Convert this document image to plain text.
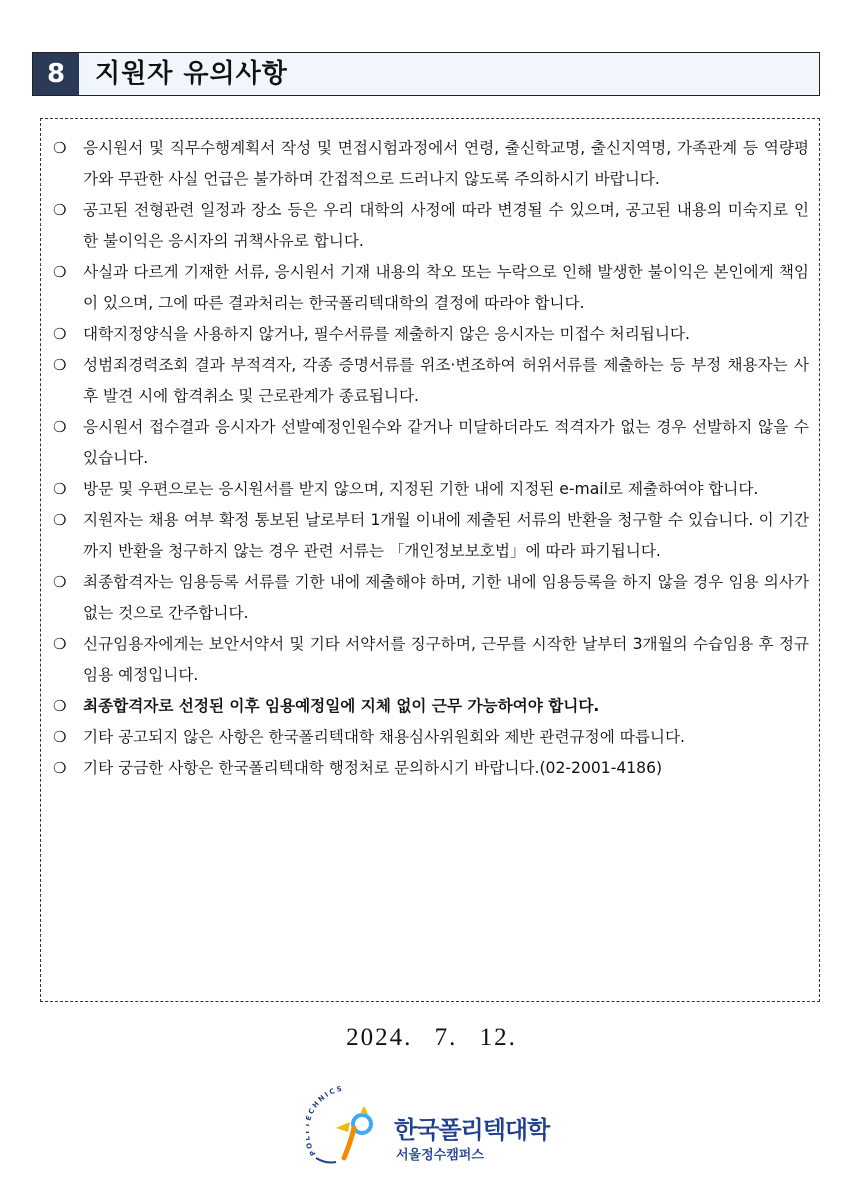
8	지원자 유의사항
❍ 응시원서 및 직무수행계획서 작성 및 면접시험과정에서 연령, 출신학교명, 출신지역명, 가족관계 등 역량평가와 무관한 사실 언급은 불가하며 간접적으로 드러나지 않도록 주의하시기 바랍니다.
❍ 공고된 전형관련 일정과 장소 등은 우리 대학의 사정에 따라 변경될 수 있으며, 공고된 내용의 미숙지로 인한 불이익은 응시자의 귀책사유로 합니다.
❍ 사실과 다르게 기재한 서류, 응시원서 기재 내용의 착오 또는 누락으로 인해 발생한 불이익은 본인에게 책임이 있으며, 그에 따른 결과처리는 한국폴리텍대학의 결정에 따라야 합니다.
❍ 대학지정양식을 사용하지 않거나, 필수서류를 제출하지 않은 응시자는 미접수 처리됩니다.
❍ 성범죄경력조회 결과 부적격자, 각종 증명서류를 위조·변조하여 허위서류를 제출하는 등 부정 채용자는 사후 발견 시에 합격취소 및 근로관계가 종료됩니다.
❍ 응시원서 접수결과 응시자가 선발예정인원수와 같거나 미달하더라도 적격자가 없는 경우 선발하지 않을 수 있습니다.
❍ 방문 및 우편으로는 응시원서를 받지 않으며, 지정된 기한 내에 지정된 e-mail로 제출하여야 합니다.
❍ 지원자는 채용 여부 확정 통보된 날로부터 1개월 이내에 제출된 서류의 반환을 청구할 수 있습니다. 이 기간까지 반환을 청구하지 않는 경우 관련 서류는 「개인정보보호법」에 따라 파기됩니다.
❍ 최종합격자는 임용등록 서류를 기한 내에 제출해야 하며, 기한 내에 임용등록을 하지 않을 경우 임용 의사가 없는 것으로 간주합니다.
❍ 신규임용자에게는 보안서약서 및 기타 서약서를 징구하며, 근무를 시작한 날부터 3개월의 수습임용 후 정규임용 예정입니다.
❍ 최종합격자로 선정된 이후 임용예정일에 지체 없이 근무 가능하여야 합니다.
❍ 기타 공고되지 않은 사항은 한국폴리텍대학 채용심사위원회와 제반 관련규정에 따릅니다.
❍ 기타 궁금한 사항은 한국폴리텍대학 행정처로 문의하시기 바랍니다.(02-2001-4186)
2024. 7. 12.
P CHNICS
한국폴리텍대학
서울정수캠퍼스
